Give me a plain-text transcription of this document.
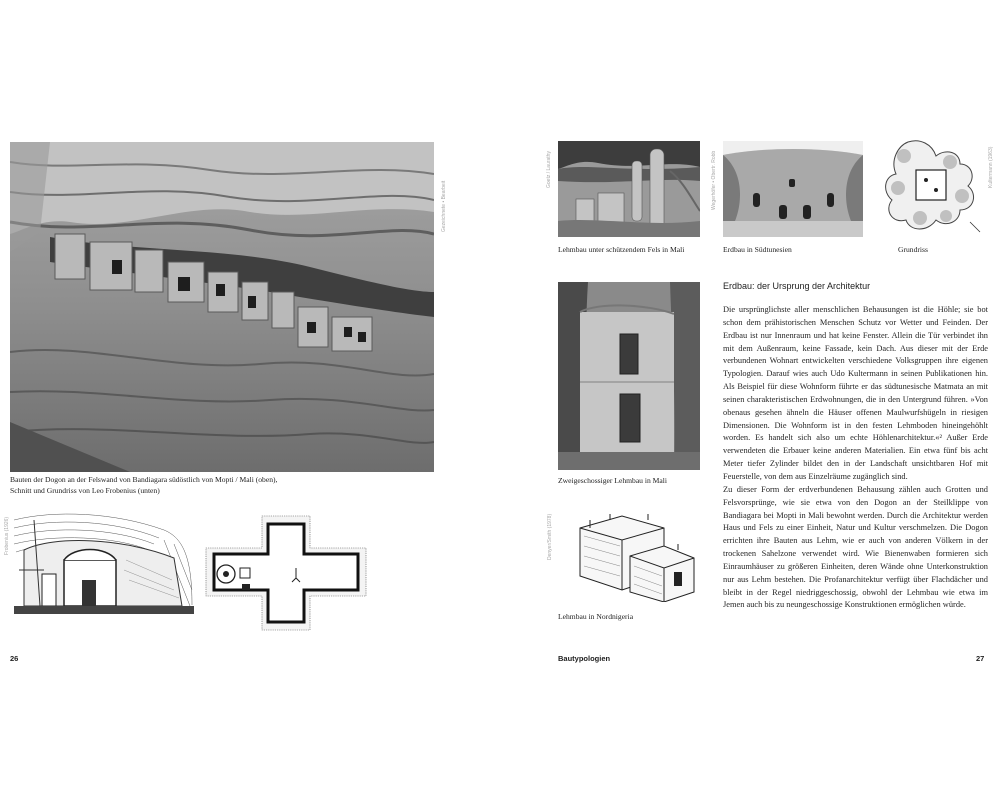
Gezeichnete • Bearbeit
Bauten der Dogon an der Felswand von Bandiagara südöstlich von Mopti / Mali (oben),
Schnitt und Grundriss von Leo Frobenius (unten)
Frobenius (1926)
26
Goetz / Laurathy
Lehmbau unter schützendem Fels in Mali
Wegerhöfer • Obertr. Robb
Erdbau in Südtunesien
Kultermann (1963)
Grundriss
Zweigeschossiger Lehmbau in Mali
Denyer/Smith (1978)
Lehmbau in Nordnigeria
Erdbau: der Ursprung der Architektur

Die ursprünglichste aller menschlichen Behausungen ist die Höhle; sie bot schon dem prähistorischen Menschen Schutz vor Wetter und Feinden. Der Erdbau ist nur Innenraum und hat keine Fenster. Allein die Tür verbindet ihn mit dem Außenraum, keine Fassade, kein Dach. Aus dieser mit der Erde verbundenen Wohnart entwickelten verschiedene Volksgruppen ihre eigenen Typologien. Darauf wies auch Udo Kultermann in seinen Publikationen hin. Als Beispiel für diese Wohnform führte er das südtunesische Matmata an mit seinen charakteristischen Erdwohnungen, die in den Untergrund führen. »Von obenaus gesehen ähneln die Häuser offenen Maulwurfshügeln in riesigen Dimensionen. Die Wohnform ist in den festen Lehmboden hineingehöhlt worden. Es handelt sich also um echte Höhlenarchitektur.«² Außer Erde verwendeten die Erbauer keine anderen Materialien. Ein etwa fünf bis acht Meter tiefer Zylinder bildet den in der Landschaft unsichtbaren Hof mit Feuerstelle, von dem aus Einzelräume zugänglich sind.

Zu dieser Form der erdverbundenen Behausung zählen auch Grotten und Felsvorsprünge, wie sie etwa von den Dogon an der Steilklippe von Bandiagara bei Mopti in Mali bewohnt werden. Durch die Architektur werden Haus und Fels zu einer Einheit, Natur und Kultur verschmelzen. Die Dogon errichten ihre Bauten aus Lehm, wie er auch von anderen Völkern in der trockenen Sahelzone verwendet wird. Wie Bienenwaben formieren sich Einraumhäuser zu größeren Einheiten, deren Wände ohne Unterkonstruktion nur aus Lehm bestehen. Die Profanarchitektur verfügt über Flachdächer und bleibt in der Regel niedriggeschossig, obwohl der Lehmbau wie etwa im Jemen auch bis zu neungeschossige Konstruktionen ermöglichen würde.

Bautypologien	27
